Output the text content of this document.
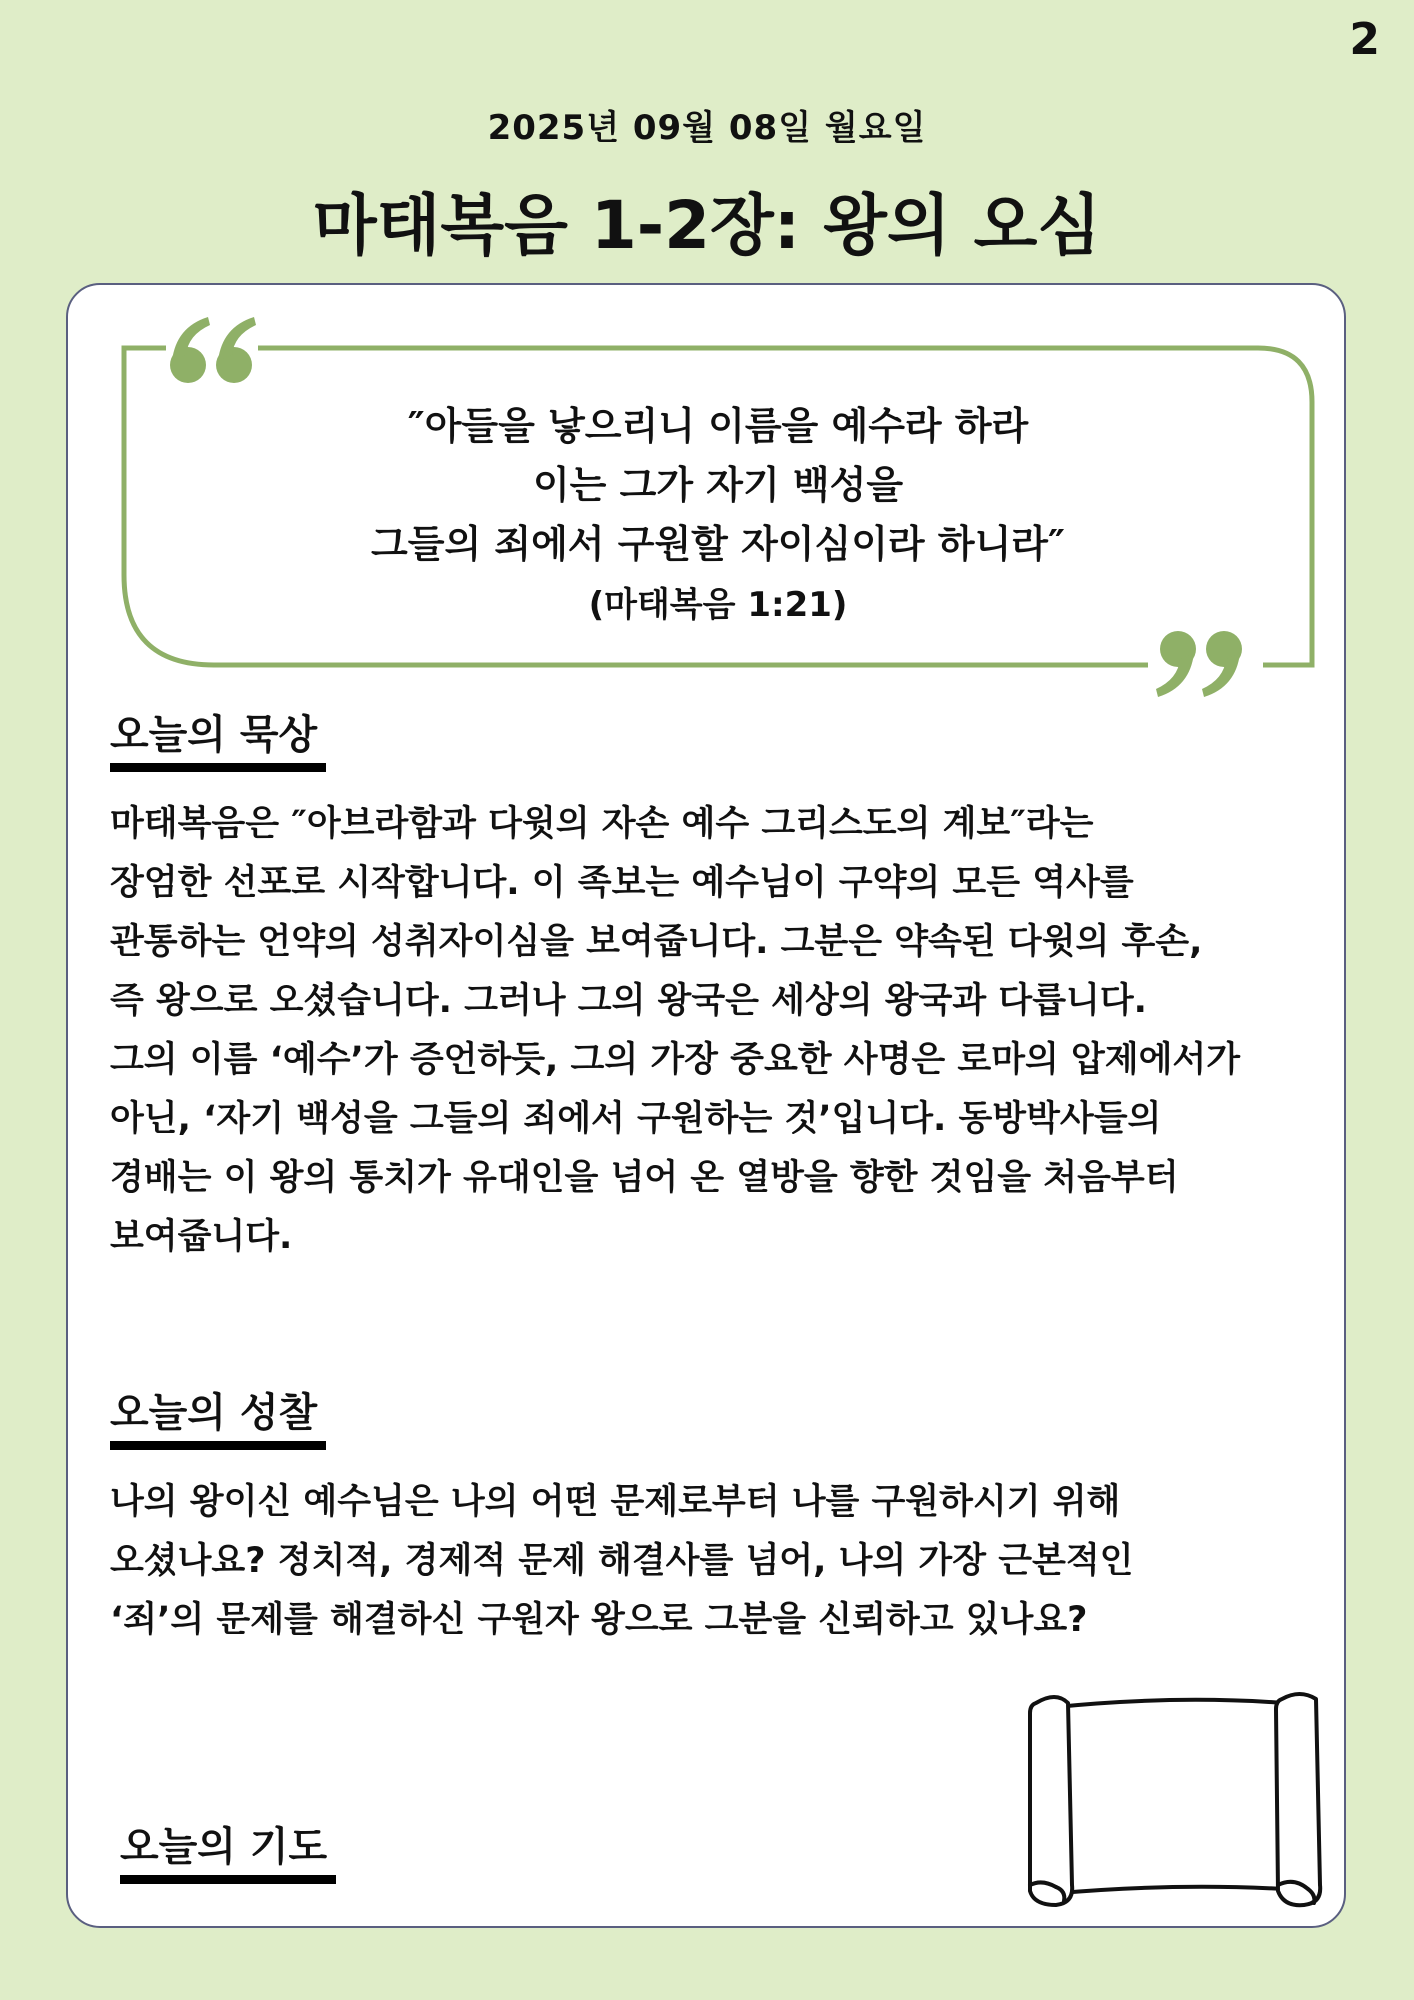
2
2025년 09월 08일 월요일
마태복음 1-2장: 왕의 오심
″아들을 낳으리니 이름을 예수라 하라
이는 그가 자기 백성을
그들의 죄에서 구원할 자이심이라 하니라″
(마태복음 1:21)
오늘의 묵상
마태복음은 ″아브라함과 다윗의 자손 예수 그리스도의 계보″라는
장엄한 선포로 시작합니다. 이 족보는 예수님이 구약의 모든 역사를
관통하는 언약의 성취자이심을 보여줍니다. 그분은 약속된 다윗의 후손,
즉 왕으로 오셨습니다. 그러나 그의 왕국은 세상의 왕국과 다릅니다.
그의 이름 ‘예수’가 증언하듯, 그의 가장 중요한 사명은 로마의 압제에서가
아닌, ‘자기 백성을 그들의 죄에서 구원하는 것’입니다. 동방박사들의
경배는 이 왕의 통치가 유대인을 넘어 온 열방을 향한 것임을 처음부터
보여줍니다.
오늘의 성찰
나의 왕이신 예수님은 나의 어떤 문제로부터 나를 구원하시기 위해
오셨나요? 정치적, 경제적 문제 해결사를 넘어, 나의 가장 근본적인
‘죄’의 문제를 해결하신 구원자 왕으로 그분을 신뢰하고 있나요?
오늘의 기도
